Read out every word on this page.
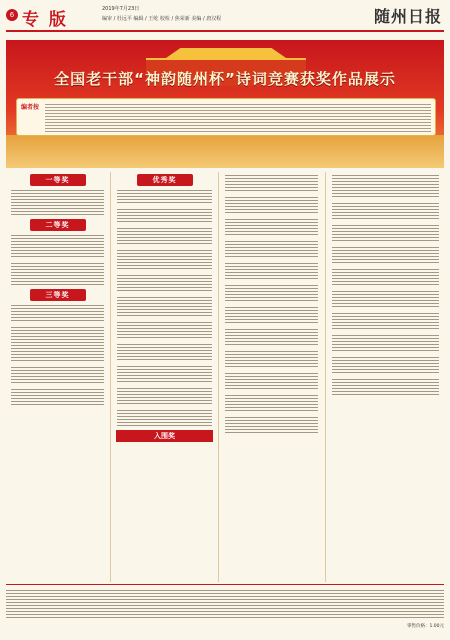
6 专 版
2019年7月23日
编审 / 杜远平 编辑 / 王屹 校检 / 焦荣新 美编 / 唐汉程	随州日报
全国老干部“神韵随州杯”诗词竞赛获奖作品展示
编者按
一等奖
二等奖
三等奖
优秀奖
入围奖
零售价格：1.00元
